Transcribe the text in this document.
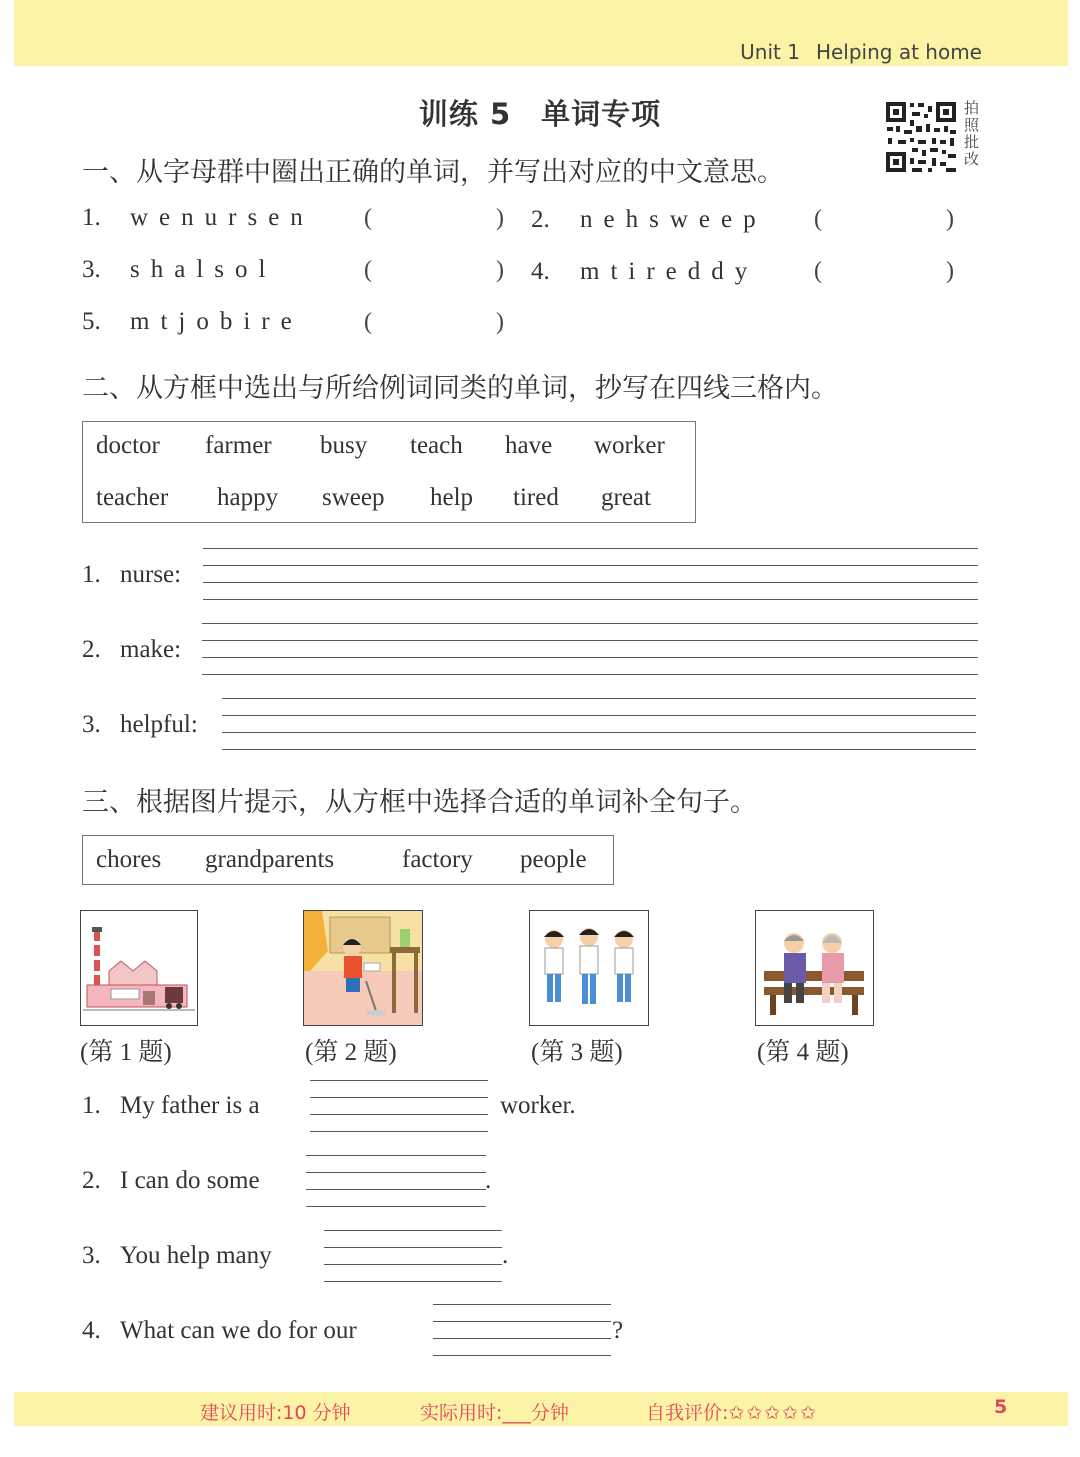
Unit 1 Helping at home
训练 5 单词专项	拍照批改
一、从字母群中圈出正确的单词，并写出对应的中文意思。
1. wenursen (	) 2. nehsweep (	)
3. shalsol	(	) 4. mtireddy (	)
5. mtjobire	(	)
二、从方框中选出与所给例词同类的单词，抄写在四线三格内。
doctor farmer busy teach have worker
teacher happy sweep help tired great
1. nurse:
2. make:
3. helpful:
三、根据图片提示，从方框中选择合适的单词补全句子。
chores grandparents	factory people
(第 1 题)	(第 2 题)	(第 3 题)	(第 4 题)
1. My father is a	worker.
2. I can do some	.
3. You help many	.
4. What can we do for our	?
建议用时:10 分钟	实际用时:___分钟	自我评价:✩✩✩✩✩	5
